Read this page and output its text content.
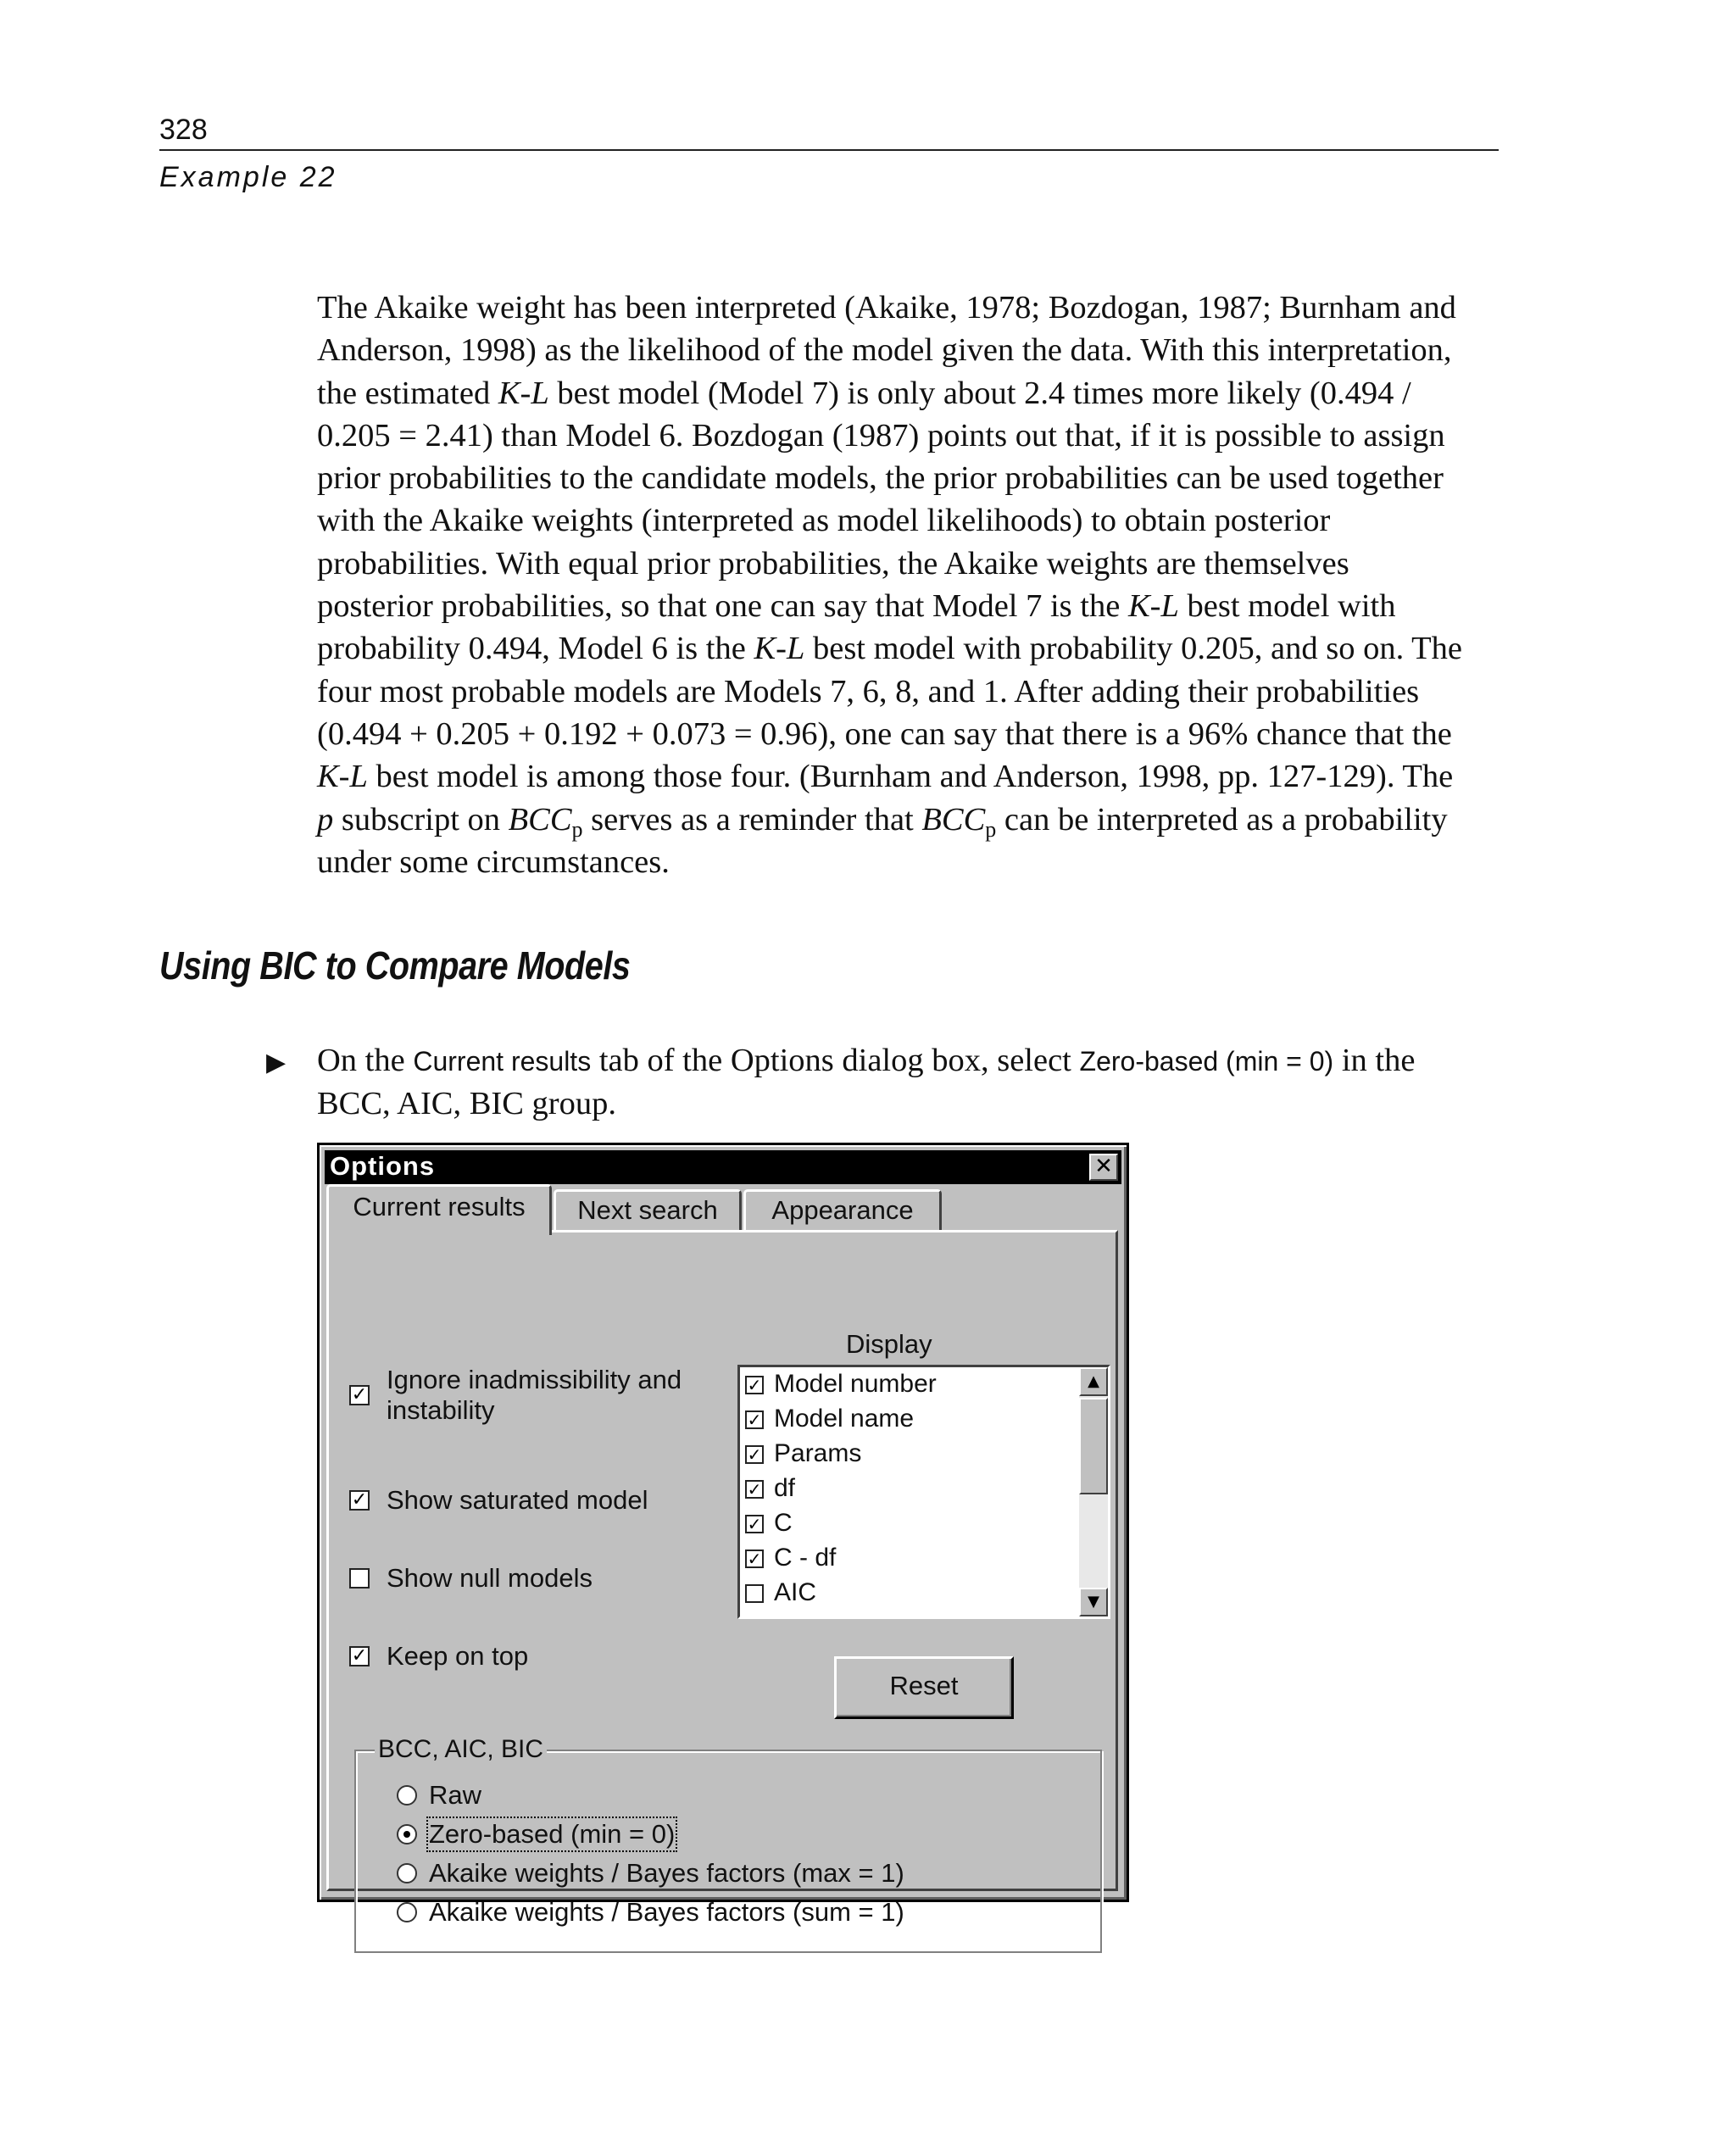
328
Example 22

The Akaike weight has been interpreted (Akaike, 1978; Bozdogan, 1987; Burnham and

Anderson, 1998) as the likelihood of the model given the data. With this interpretation,

the estimated K-L best model (Model 7) is only about 2.4 times more likely (0.494 /

0.205 = 2.41) than Model 6. Bozdogan (1987) points out that, if it is possible to assign

prior probabilities to the candidate models, the prior probabilities can be used together

with the Akaike weights (interpreted as model likelihoods) to obtain posterior

probabilities. With equal prior probabilities, the Akaike weights are themselves

posterior probabilities, so that one can say that Model 7 is the K-L best model with

probability 0.494, Model 6 is the K-L best model with probability 0.205, and so on. The

four most probable models are Models 7, 6, 8, and 1. After adding their probabilities

(0.494 + 0.205 + 0.192 + 0.073 = 0.96), one can say that there is a 96% chance that the

K-L best model is among those four. (Burnham and Anderson, 1998, pp. 127-129). The

p subscript on $BCC_p$ serves as a reminder that $BCC_p$ can be interpreted as a probability

under some circumstances.

Using BIC to Compare Models
▶ On the Current results tab of the Options dialog box, select Zero-based (min = 0) in the
BCC, AIC, BIC group.
Options	✕
Current results	Next search	Appearance
✓
Ignore inadmissibility and
instability
✓ Show saturated model
Show null models
✓ Keep on top
Display
✓ Model number
✓ Model name
✓ Params
✓ df
✓ C
✓ C - df
AIC
▲
▼
Reset
BCC, AIC, BIC
Raw
Zero-based (min = 0)
Akaike weights / Bayes factors (max = 1)
Akaike weights / Bayes factors (sum = 1)
